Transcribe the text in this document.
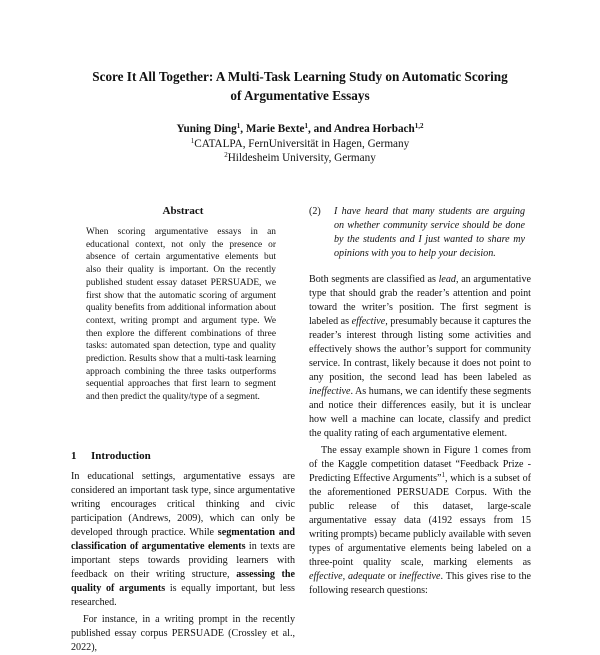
Score It All Together: A Multi-Task Learning Study on Automatic Scoring
of Argumentative Essays
Yuning Ding$^1$, Marie Bexte$^1$, and Andrea Horbach$^{1,2}$
$^1$CATALPA, FernUniversität in Hagen, Germany
$^2$Hildesheim University, Germany
Abstract
When scoring argumentative essays in an educational context, not only the presence or absence of certain argumentative elements but also their quality is important. On the recently published student essay dataset PERSUADE, we first show that the automatic scoring of argument quality benefits from additional information about context, writing prompt and argument type. We then explore the different combinations of three tasks: automated span detection, type and quality prediction. Results show that a multi-task learning approach combining the three tasks outperforms sequential approaches that first learn to segment and then predict the quality/type of a segment.
1 Introduction

In educational settings, argumentative essays are considered an important task type, since argumentative writing encourages critical thinking and civic participation (Andrews, 2009), which can only be developed through practice. While segmentation and classification of argumentative elements in texts are important steps towards providing learners with feedback on their writing structure, assessing the quality of arguments is equally important, but less researched.

For instance, in a writing prompt in the recently published essay corpus PERSUADE (Crossley et al., 2022),

(2)	I have heard that many students are arguing on whether community service should be done by the students and I just wanted to share my opinions with you to help your decision.

Both segments are classified as lead, an argumentative type that should grab the reader’s attention and point toward the writer’s position. The first segment is labeled as effective, presumably because it captures the reader’s interest through listing some activities and effectively shows the author’s support for community service. In contrast, likely because it does not point to any position, the second lead has been labeled as ineffective. As humans, we can identify these segments and notice their differences easily, but it is unclear how well a machine can locate, classify and predict the quality rating of each argumentative element.

The essay example shown in Figure 1 comes from of the Kaggle competition dataset “Feedback Prize - Predicting Effective Arguments”$^1$, which is a subset of the aforementioned PERSUADE Corpus. With the public release of this dataset, large-scale argumentative essay data (4192 essays from 15 writing prompts) became publicly available with seven types of argumentative elements being labeled on a three-point quality scale, marking elements as effective, adequate or ineffective. This gives rise to the following research questions:
